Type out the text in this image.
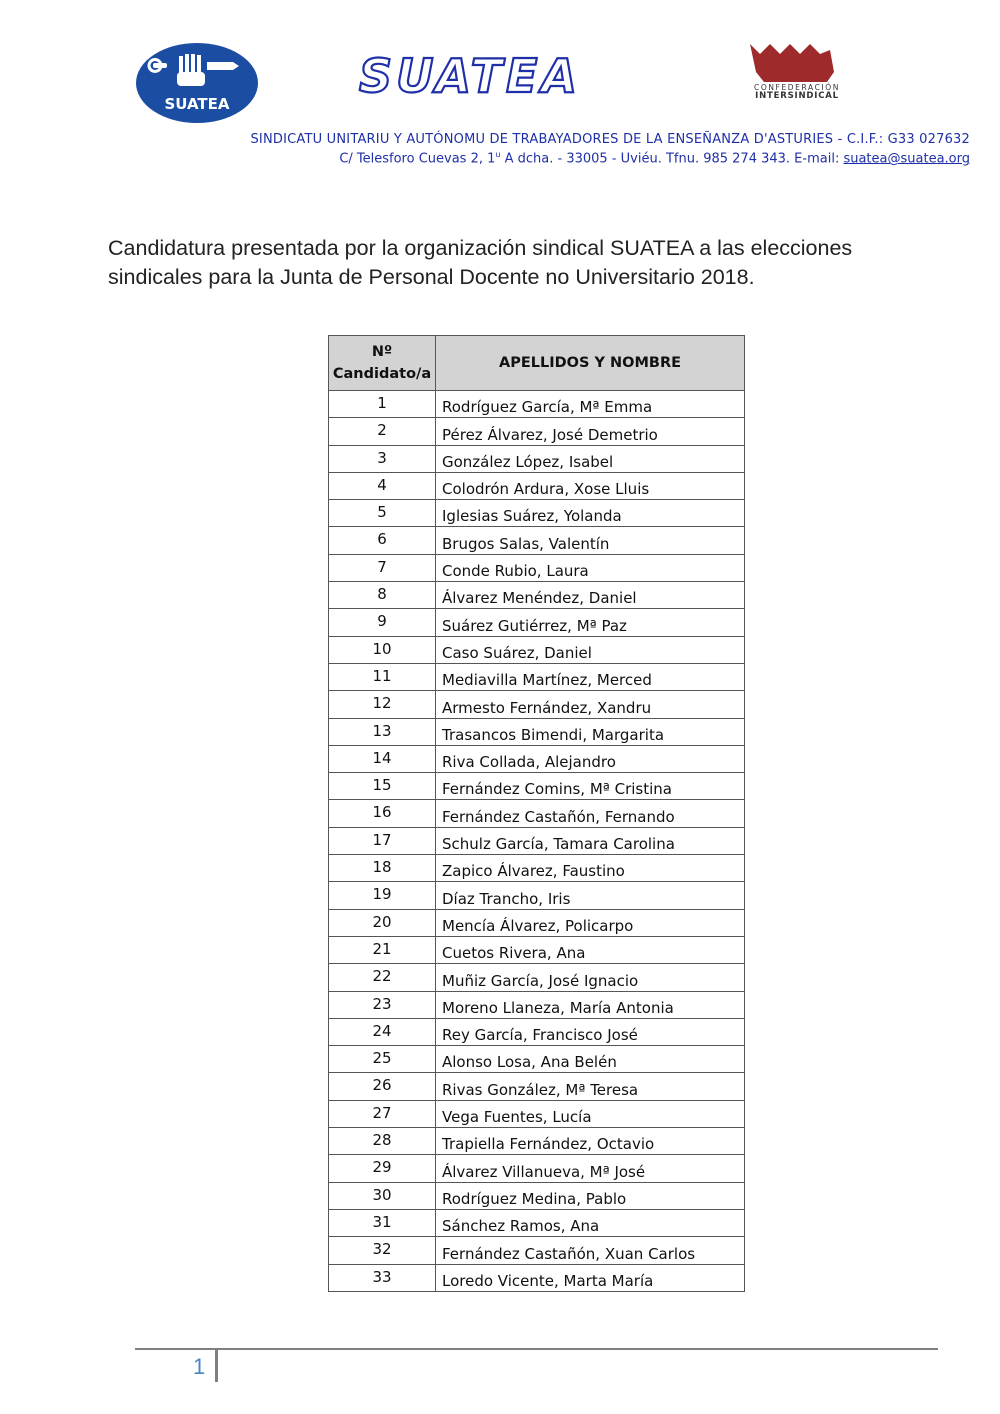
SUATEA
SUATEA	CONFEDERACIÓN
INTERSINDICAL
SINDICATU UNITARIU Y AUTÓNOMU DE TRABAYADORES DE LA ENSEÑANZA D'ASTURIES - C.I.F.: G33 027632
C/ Telesforo Cuevas 2, 1$^u$ A dcha. - 33005 - Uviéu. Tfnu. 985 274 343. E-mail: suatea@suatea.org
Candidatura presentada por la organización sindical SUATEA a las elecciones sindicales para la Junta de Personal Docente no Universitario 2018.
Nº
Candidato/a	APELLIDOS Y NOMBRE
1	Rodríguez García, Mª Emma
2	Pérez Álvarez, José Demetrio
3	González López, Isabel
4	Colodrón Ardura, Xose Lluis
5	Iglesias Suárez, Yolanda
6	Brugos Salas, Valentín
7	Conde Rubio, Laura
8	Álvarez Menéndez, Daniel
9	Suárez Gutiérrez, Mª Paz
10	Caso Suárez, Daniel
11	Mediavilla Martínez, Merced
12	Armesto Fernández, Xandru
13	Trasancos Bimendi, Margarita
14	Riva Collada, Alejandro
15	Fernández Comins, Mª Cristina
16	Fernández Castañón, Fernando
17	Schulz García, Tamara Carolina
18	Zapico Álvarez, Faustino
19	Díaz Trancho, Iris
20	Mencía Álvarez, Policarpo
21	Cuetos Rivera, Ana
22	Muñiz García, José Ignacio
23	Moreno Llaneza, María Antonia
24	Rey García, Francisco José
25	Alonso Losa, Ana Belén
26	Rivas González, Mª Teresa
27	Vega Fuentes, Lucía
28	Trapiella Fernández, Octavio
29	Álvarez Villanueva, Mª José
30	Rodríguez Medina, Pablo
31	Sánchez Ramos, Ana
32	Fernández Castañón, Xuan Carlos
33	Loredo Vicente, Marta María
1
